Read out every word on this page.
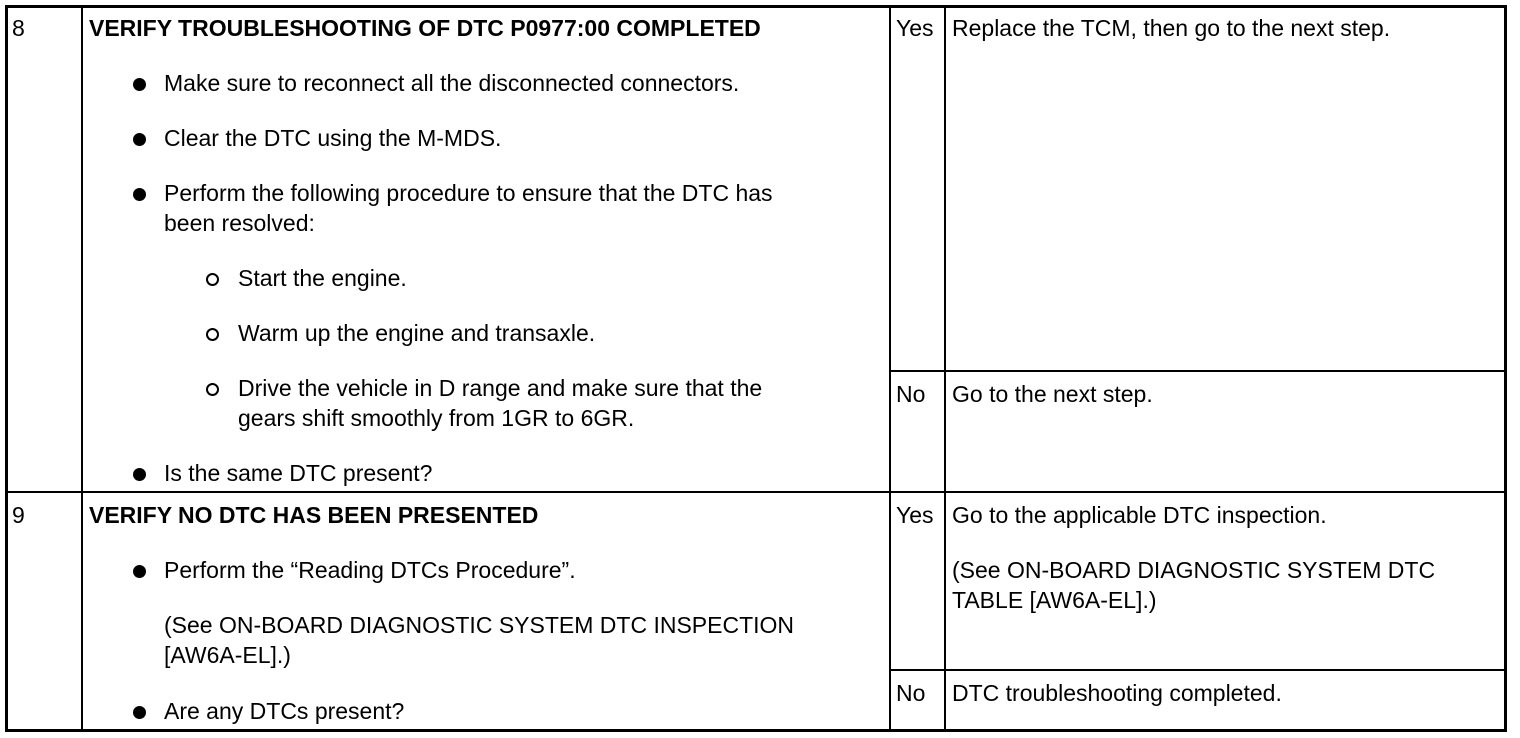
8	VERIFY TROUBLESHOOTING OF DTC P0977:00 COMPLETED
Make sure to reconnect all the disconnected connectors.
Clear the DTC using the M-MDS.
Perform the following procedure to ensure that the DTC has
been resolved:
Start the engine.
Warm up the engine and transaxle.
Drive the vehicle in D range and make sure that the
gears shift smoothly from 1GR to 6GR.
Is the same DTC present?
Yes Replace the TCM, then go to the next step.
No Go to the next step.
9	VERIFY NO DTC HAS BEEN PRESENTED
Perform the “Reading DTCs Procedure”.
(See ON-BOARD DIAGNOSTIC SYSTEM DTC INSPECTION
[AW6A-EL].)
Are any DTCs present?
Yes Go to the applicable DTC inspection.
(See ON-BOARD DIAGNOSTIC SYSTEM DTC
TABLE [AW6A-EL].)
No DTC troubleshooting completed.
